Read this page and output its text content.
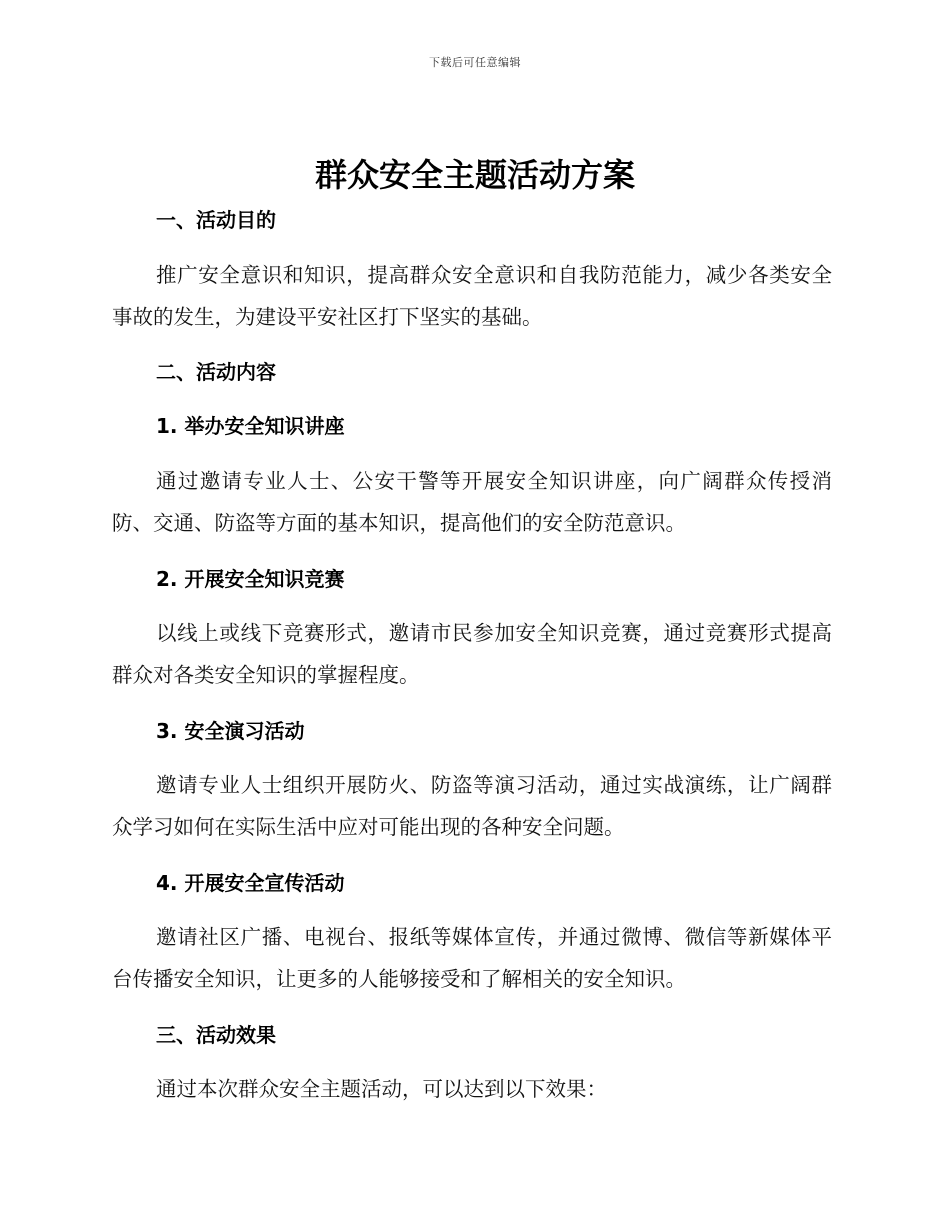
下载后可任意编辑
群众安全主题活动方案
一、活动目的

推广安全意识和知识，提高群众安全意识和自我防范能力，减少各类安全事故的发生，为建设平安社区打下坚实的基础。

二、活动内容
1. 举办安全知识讲座

通过邀请专业人士、公安干警等开展安全知识讲座，向广阔群众传授消防、交通、防盗等方面的基本知识，提高他们的安全防范意识。

2. 开展安全知识竞赛

以线上或线下竞赛形式，邀请市民参加安全知识竞赛，通过竞赛形式提高群众对各类安全知识的掌握程度。

3. 安全演习活动

邀请专业人士组织开展防火、防盗等演习活动，通过实战演练，让广阔群众学习如何在实际生活中应对可能出现的各种安全问题。

4. 开展安全宣传活动

邀请社区广播、电视台、报纸等媒体宣传，并通过微博、微信等新媒体平台传播安全知识，让更多的人能够接受和了解相关的安全知识。

三、活动效果

通过本次群众安全主题活动，可以达到以下效果：
